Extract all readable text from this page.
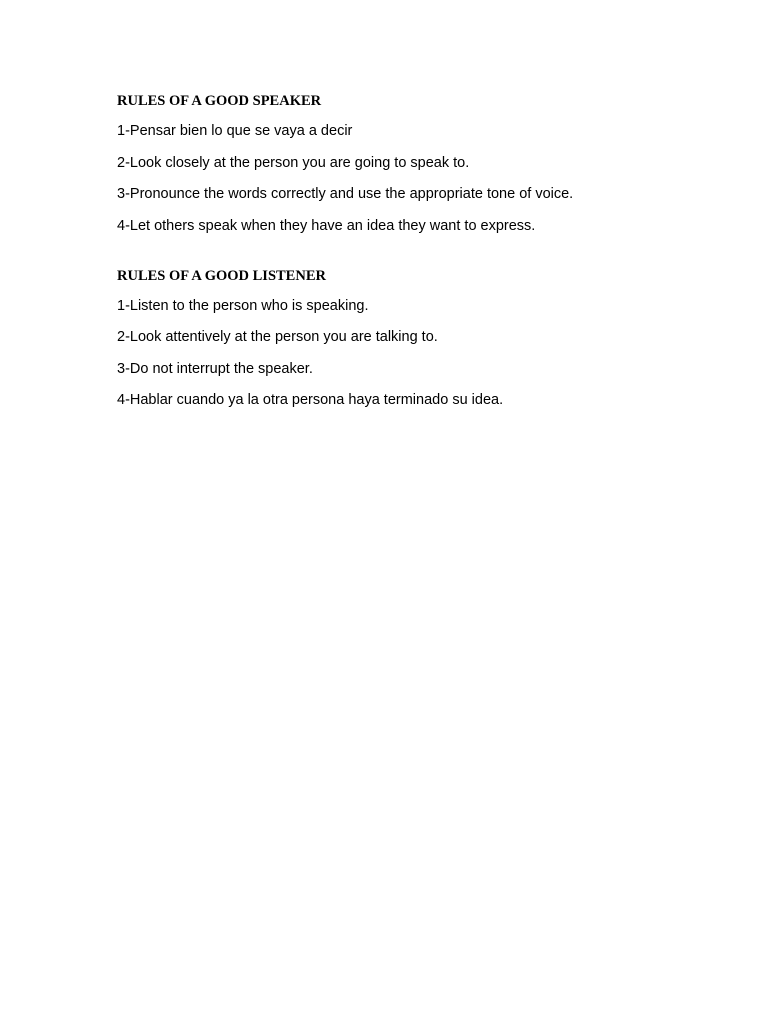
RULES OF A GOOD SPEAKER
1-Pensar bien lo que se vaya a decir
2-Look closely at the person you are going to speak to.
3-Pronounce the words correctly and use the appropriate tone of voice.
4-Let others speak when they have an idea they want to express.
RULES OF A GOOD LISTENER
1-Listen to the person who is speaking.
2-Look attentively at the person you are talking to.
3-Do not interrupt the speaker.
4-Hablar cuando ya la otra persona haya terminado su idea.
